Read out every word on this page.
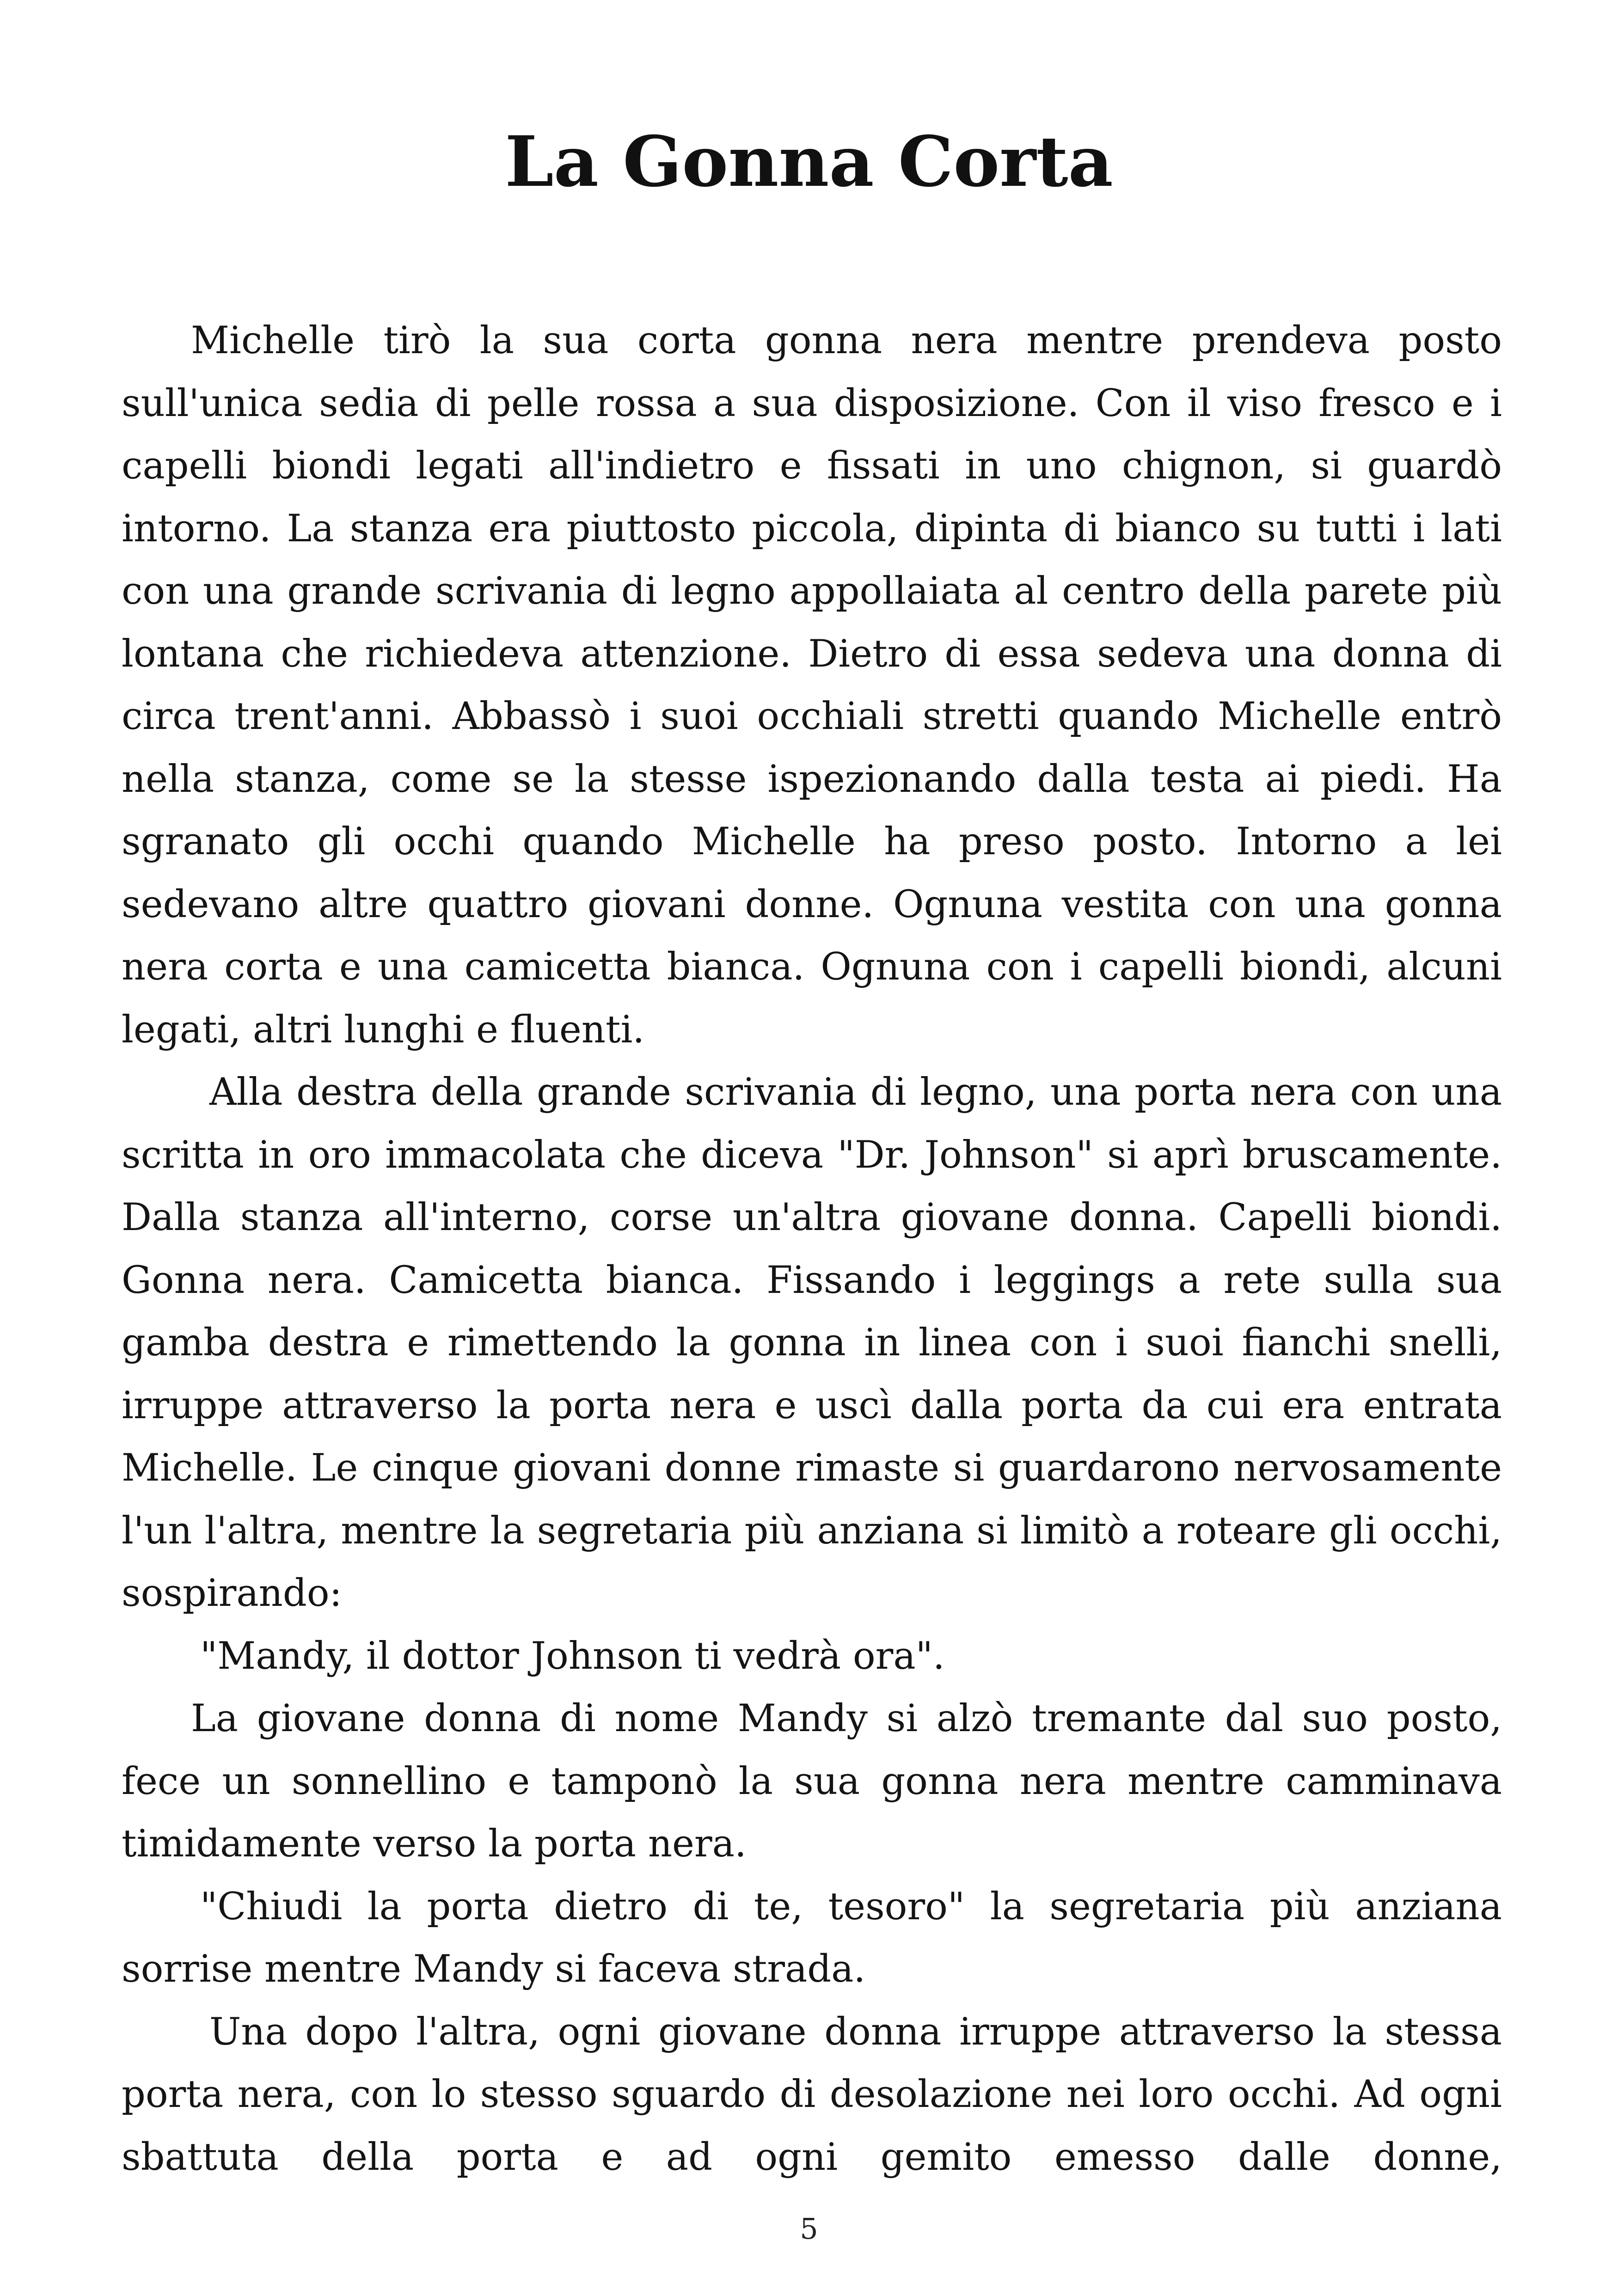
La Gonna Corta

Michelle tirò la sua corta gonna nera mentre prendeva posto sull'unica sedia di pelle rossa a sua disposizione. Con il viso fresco e i capelli biondi legati all'indietro e fissati in uno chignon, si guardò intorno. La stanza era piuttosto piccola, dipinta di bianco su tutti i lati con una grande scrivania di legno appollaiata al centro della parete più lontana che richiedeva attenzione. Dietro di essa sedeva una donna di circa trent'anni. Abbassò i suoi occhiali stretti quando Michelle entrò nella stanza, come se la stesse ispezionando dalla testa ai piedi. Ha sgranato gli occhi quando Michelle ha preso posto. Intorno a lei sedevano altre quattro giovani donne. Ognuna vestita con una gonna nera corta e una camicetta bianca. Ognuna con i capelli biondi, alcuni legati, altri lunghi e fluenti.

Alla destra della grande scrivania di legno, una porta nera con una scritta in oro immacolata che diceva "Dr. Johnson" si aprì bruscamente. Dalla stanza all'interno, corse un'altra giovane donna. Capelli biondi. Gonna nera. Camicetta bianca. Fissando i leggings a rete sulla sua gamba destra e rimettendo la gonna in linea con i suoi fianchi snelli, irruppe attraverso la porta nera e uscì dalla porta da cui era entrata Michelle. Le cinque giovani donne rimaste si guardarono nervosamente l'un l'altra, mentre la segretaria più anziana si limitò a roteare gli occhi, sospirando:

"Mandy, il dottor Johnson ti vedrà ora".

La giovane donna di nome Mandy si alzò tremante dal suo posto, fece un sonnellino e tamponò la sua gonna nera mentre camminava timidamente verso la porta nera.

"Chiudi la porta dietro di te, tesoro" la segretaria più anziana sorrise mentre Mandy si faceva strada.

Una dopo l'altra, ogni giovane donna irruppe attraverso la stessa porta nera, con lo stesso sguardo di desolazione nei loro occhi. Ad ogni sbattuta della porta e ad ogni gemito emesso dalle donne,

5
